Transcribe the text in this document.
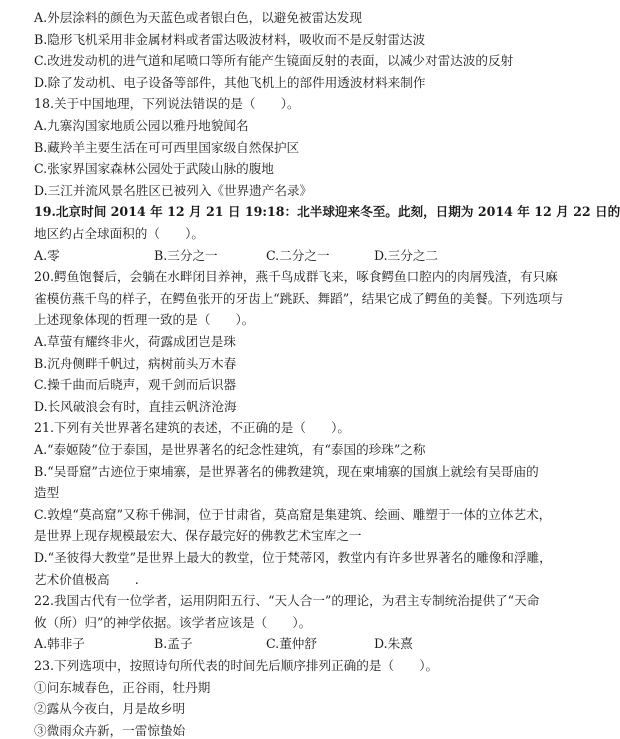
A.外层涂料的颜色为天蓝色或者银白色，以避免被雷达发现
B.隐形飞机采用非金属材料或者雷达吸波材料，吸收而不是反射雷达波
C.改进发动机的进气道和尾喷口等所有能产生镜面反射的表面，以减少对雷达波的反射
D.除了发动机、电子设备等部件，其他飞机上的部件用透波材料来制作
18.关于中国地理，下列说法错误的是（　　）。
A.九寨沟国家地质公园以雅丹地貌闻名
B.藏羚羊主要生活在可可西里国家级自然保护区
C.张家界国家森林公园处于武陵山脉的腹地
D.三江并流风景名胜区已被列入《世界遗产名录》
19.北京时间 2014 年 12 月 21 日 19:18：北半球迎来冬至。此刻，日期为 2014 年 12 月 22 日的
地区约占全球面积的（　　）。
A.零	B.三分之一	C.二分之一	D.三分之二
20.鳄鱼饱餐后，会躺在水畔闭目养神，燕千鸟成群飞来，啄食鳄鱼口腔内的肉屑残渣，有只麻
雀模仿燕千鸟的样子，在鳄鱼张开的牙齿上“跳跃、舞蹈”，结果它成了鳄鱼的美餐。下列选项与
上述现象体现的哲理一致的是（　　）。
A.草萤有耀终非火，荷露成团岂是珠
B.沉舟侧畔千帆过，病树前头万木春
C.操千曲而后晓声，观千剑而后识器
D.长风破浪会有时，直挂云帆济沧海
21.下列有关世界著名建筑的表述，不正确的是（　　）。
A.“泰姬陵”位于泰国，是世界著名的纪念性建筑，有“泰国的珍珠”之称
B.“吴哥窟”古迹位于柬埔寨，是世界著名的佛教建筑，现在柬埔寨的国旗上就绘有吴哥庙的
造型
C.敦煌“莫高窟”又称千佛洞，位于甘肃省，莫高窟是集建筑、绘画、雕塑于一体的立体艺术，
是世界上现存规模最宏大、保存最完好的佛教艺术宝库之一
D.“圣彼得大教堂”是世界上最大的教堂，位于梵蒂冈，教堂内有许多世界著名的雕像和浮雕，
艺术价值极高　　.
22.我国古代有一位学者，运用阴阳五行、“天人合一”的理论，为君主专制统治提供了“天命
攸（所）归”的神学依据。该学者应该是（　　）。
A.韩非子	B.孟子	C.董仲舒	D.朱熹
23.下列选项中，按照诗句所代表的时间先后顺序排列正确的是（　　）。
①问东城春色，正谷雨，牡丹期
②露从今夜白，月是故乡明
③微雨众卉新，一雷惊蛰始
